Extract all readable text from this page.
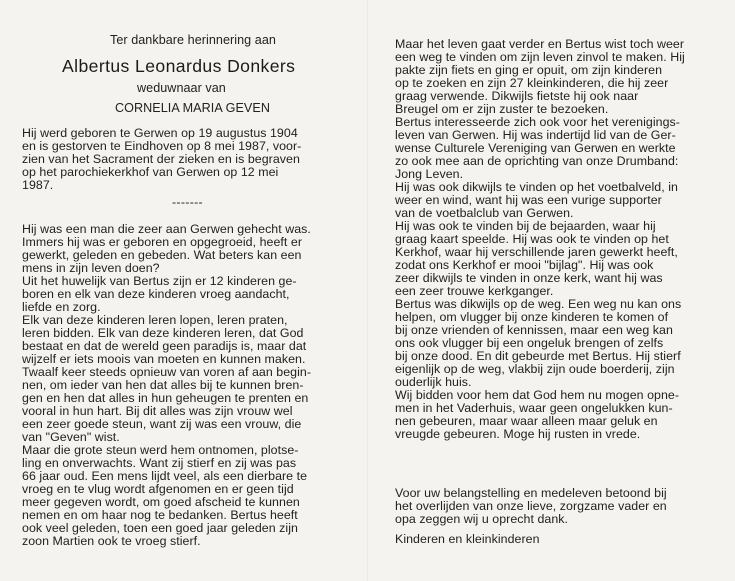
Ter dankbare herinnering aan
Albertus Leonardus Donkers
weduwnaar van
CORNELIA MARIA GEVEN
Hij werd geboren te Gerwen op 19 augustus 1904
en is gestorven te Eindhoven op 8 mei 1987, voor-
zien van het Sacrament der zieken en is begraven
op het parochiekerkhof van Gerwen op 12 mei
1987.
-------
Hij was een man die zeer aan Gerwen gehecht was.
Immers hij was er geboren en opgegroeid, heeft er
gewerkt, geleden en gebeden. Wat beters kan een
mens in zijn leven doen?
Uit het huwelijk van Bertus zijn er 12 kinderen ge-
boren en elk van deze kinderen vroeg aandacht,
liefde en zorg.
Elk van deze kinderen leren lopen, leren praten,
leren bidden. Elk van deze kinderen leren, dat God
bestaat en dat de wereld geen paradijs is, maar dat
wijzelf er iets moois van moeten en kunnen maken.
Twaalf keer steeds opnieuw van voren af aan begin-
nen, om ieder van hen dat alles bij te kunnen bren-
gen en hen dat alles in hun geheugen te prenten en
vooral in hun hart. Bij dit alles was zijn vrouw wel
een zeer goede steun, want zij was een vrouw, die
van "Geven" wist.
Maar die grote steun werd hem ontnomen, plotse-
ling en onverwachts. Want zij stierf en zij was pas
66 jaar oud. Een mens lijdt veel, als een dierbare te
vroeg en te vlug wordt afgenomen en er geen tijd
meer gegeven wordt, om goed afscheid te kunnen
nemen en om haar nog te bedanken. Bertus heeft
ook veel geleden, toen een goed jaar geleden zijn
zoon Martien ook te vroeg stierf.
Maar het leven gaat verder en Bertus wist toch weer
een weg te vinden om zijn leven zinvol te maken. Hij
pakte zijn fiets en ging er opuit, om zijn kinderen
op te zoeken en zijn 27 kleinkinderen, die hij zeer
graag verwende. Dikwijls fietste hij ook naar
Breugel om er zijn zuster te bezoeken.
Bertus interesseerde zich ook voor het verenigings-
leven van Gerwen. Hij was indertijd lid van de Ger-
wense Culturele Vereniging van Gerwen en werkte
zo ook mee aan de oprichting van onze Drumband:
Jong Leven.
Hij was ook dikwijls te vinden op het voetbalveld, in
weer en wind, want hij was een vurige supporter
van de voetbalclub van Gerwen.
Hij was ook te vinden bij de bejaarden, waar hij
graag kaart speelde. Hij was ook te vinden op het
Kerkhof, waar hij verschillende jaren gewerkt heeft,
zodat ons Kerkhof er mooi "bijlag". Hij was ook
zeer dikwijls te vinden in onze kerk, want hij was
een zeer trouwe kerkganger.
Bertus was dikwijls op de weg. Een weg nu kan ons
helpen, om vlugger bij onze kinderen te komen of
bij onze vrienden of kennissen, maar een weg kan
ons ook vlugger bij een ongeluk brengen of zelfs
bij onze dood. En dit gebeurde met Bertus. Hij stierf
eigenlijk op de weg, vlakbij zijn oude boerderij, zijn
ouderlijk huis.
Wij bidden voor hem dat God hem nu mogen opne-
men in het Vaderhuis, waar geen ongelukken kun-
nen gebeuren, maar waar alleen maar geluk en
vreugde gebeuren. Moge hij rusten in vrede.
Voor uw belangstelling en medeleven betoond bij
het overlijden van onze lieve, zorgzame vader en
opa zeggen wij u oprecht dank.
Kinderen en kleinkinderen
